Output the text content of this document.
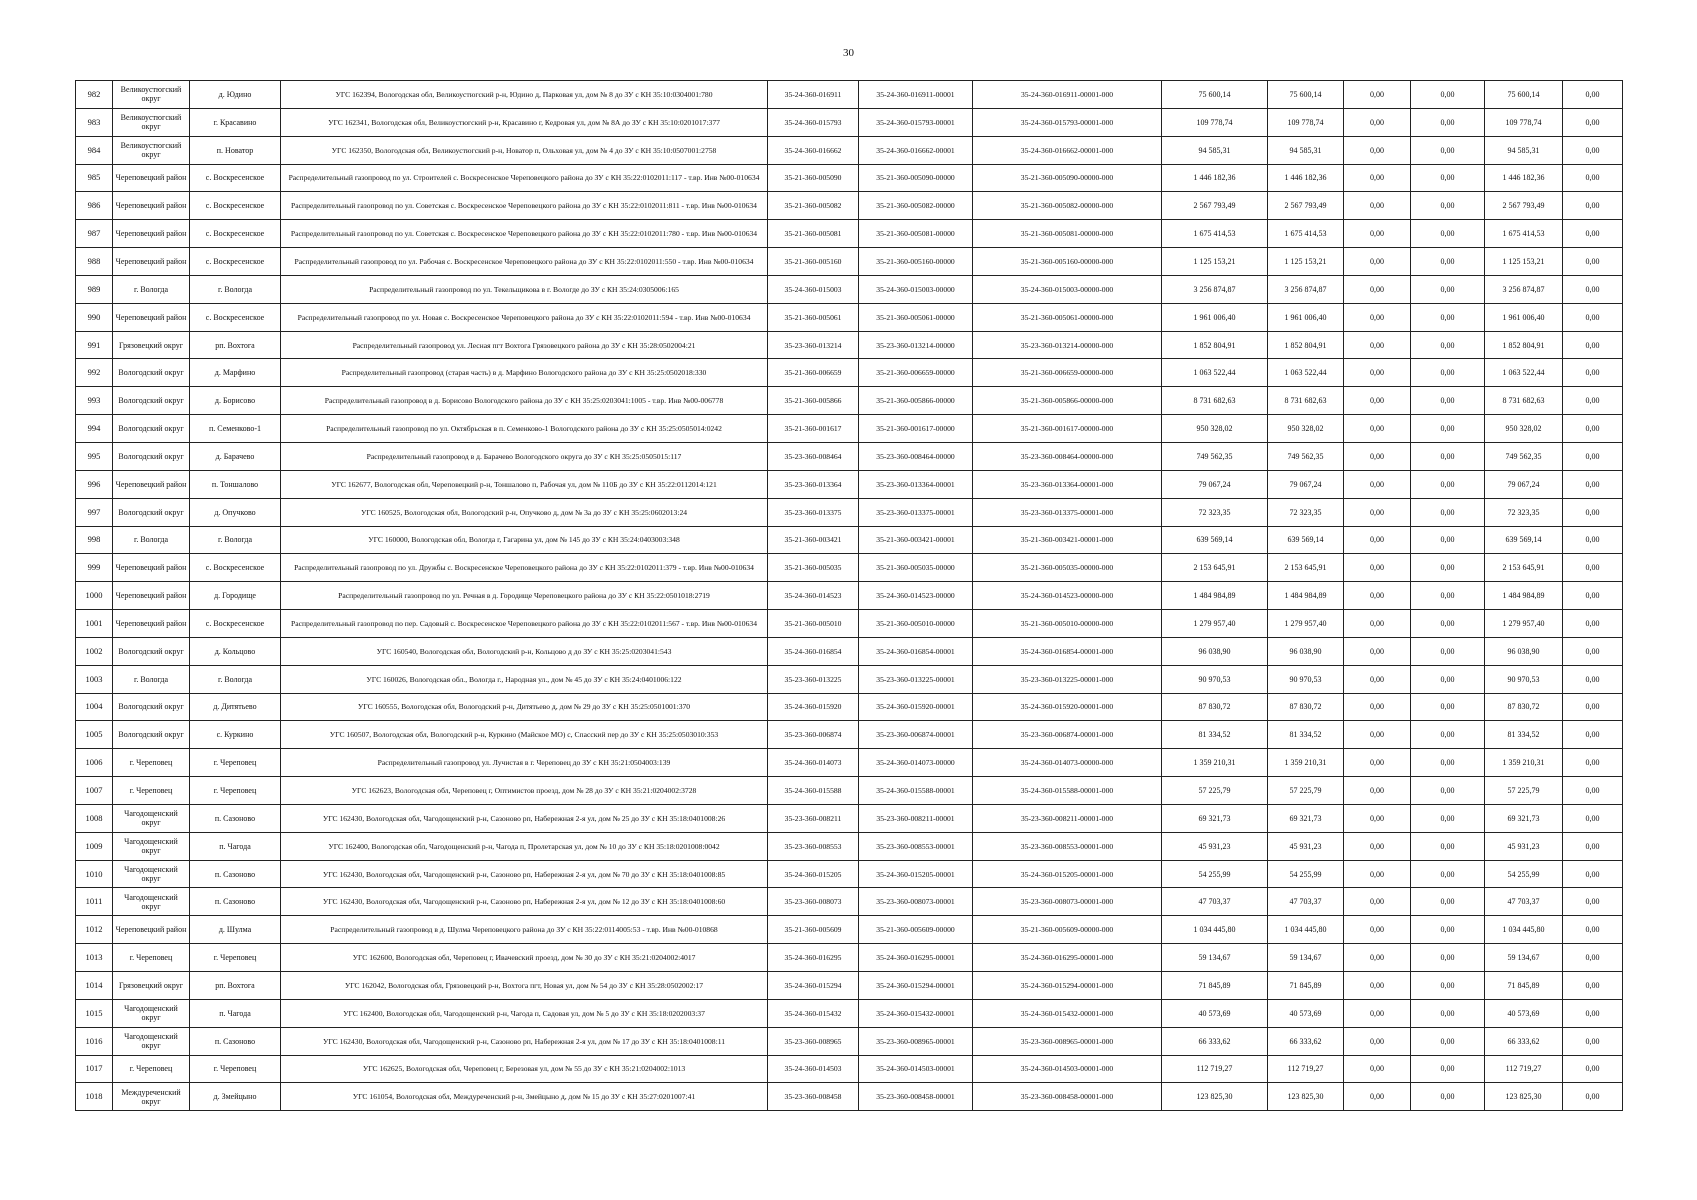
30
982	Великоустюгский округ	д. Юдино	УГС 162394, Вологодская обл, Великоустюгский р-н, Юдино д, Парковая ул, дом № 8 до ЗУ с КН 35:10:0304001:780	35-24-360-016911	35-24-360-016911-00001	35-24-360-016911-00001-000	75 600,14	75 600,14	0,00	0,00	75 600,14	0,00
983	Великоустюгский округ	г. Красавино	УГС 162341, Вологодская обл, Великоустюгский р-н, Красавино г, Кедровая ул, дом № 8А до ЗУ с КН 35:10:0201017:377	35-24-360-015793	35-24-360-015793-00001	35-24-360-015793-00001-000	109 778,74	109 778,74	0,00	0,00	109 778,74	0,00
984	Великоустюгский округ	п. Новатор	УГС 162350, Вологодская обл, Великоустюгский р-н, Новатор п, Ольховая ул, дом № 4 до ЗУ с КН 35:10:0507001:2758	35-24-360-016662	35-24-360-016662-00001	35-24-360-016662-00001-000	94 585,31	94 585,31	0,00	0,00	94 585,31	0,00
985	Череповецкий район	с. Воскресенское	Распределительный газопровод по ул. Строителей с. Воскресенское Череповецкого района до ЗУ с КН 35:22:0102011:117 - т.вр. Инв №00-010634	35-21-360-005090	35-21-360-005090-00000	35-21-360-005090-00000-000	1 446 182,36	1 446 182,36	0,00	0,00	1 446 182,36	0,00
986	Череповецкий район	с. Воскресенское	Распределительный газопровод по ул. Советская с. Воскресенское Череповецкого района до ЗУ с КН 35:22:0102011:811 - т.вр. Инв №00-010634	35-21-360-005082	35-21-360-005082-00000	35-21-360-005082-00000-000	2 567 793,49	2 567 793,49	0,00	0,00	2 567 793,49	0,00
987	Череповецкий район	с. Воскресенское	Распределительный газопровод по ул. Советская с. Воскресенское Череповецкого района до ЗУ с КН 35:22:0102011:780 - т.вр. Инв №00-010634	35-21-360-005081	35-21-360-005081-00000	35-21-360-005081-00000-000	1 675 414,53	1 675 414,53	0,00	0,00	1 675 414,53	0,00
988	Череповецкий район	с. Воскресенское	Распределительный газопровод по ул. Рабочая с. Воскресенское Череповецкого района до ЗУ с КН 35:22:0102011:550 - т.вр. Инв №00-010634	35-21-360-005160	35-21-360-005160-00000	35-21-360-005160-00000-000	1 125 153,21	1 125 153,21	0,00	0,00	1 125 153,21	0,00
989	г. Вологда	г. Вологда	Распределительный газопровод по ул. Текельщикова в г. Вологде до ЗУ с КН 35:24:0305006:165	35-24-360-015003	35-24-360-015003-00000	35-24-360-015003-00000-000	3 256 874,87	3 256 874,87	0,00	0,00	3 256 874,87	0,00
990	Череповецкий район	с. Воскресенское	Распределительный газопровод по ул. Новая с. Воскресенское Череповецкого района до ЗУ с КН 35:22:0102011:594 - т.вр. Инв №00-010634	35-21-360-005061	35-21-360-005061-00000	35-21-360-005061-00000-000	1 961 006,40	1 961 006,40	0,00	0,00	1 961 006,40	0,00
991	Грязовецкий округ	рп. Вохтога	Распределительный газопровод ул. Лесная пгт Вохтога Грязовецкого района до ЗУ с КН 35:28:0502004:21	35-23-360-013214	35-23-360-013214-00000	35-23-360-013214-00000-000	1 852 804,91	1 852 804,91	0,00	0,00	1 852 804,91	0,00
992	Вологодский округ	д. Марфино	Распределительный газопровод (старая часть) в д. Марфино Вологодского района до ЗУ с КН 35:25:0502018:330	35-21-360-006659	35-21-360-006659-00000	35-21-360-006659-00000-000	1 063 522,44	1 063 522,44	0,00	0,00	1 063 522,44	0,00
993	Вологодский округ	д. Борисово	Распределительный газопровод в д. Борисово Вологодского района до ЗУ с КН 35:25:0203041:1005 - т.вр. Инв №00-006778	35-21-360-005866	35-21-360-005866-00000	35-21-360-005866-00000-000	8 731 682,63	8 731 682,63	0,00	0,00	8 731 682,63	0,00
994	Вологодский округ	п. Семенково-1	Распределительный газопровод по ул. Октябрьская в п. Семенково-1 Вологодского района до ЗУ с КН 35:25:0505014:0242	35-21-360-001617	35-21-360-001617-00000	35-21-360-001617-00000-000	950 328,02	950 328,02	0,00	0,00	950 328,02	0,00
995	Вологодский округ	д. Барачево	Распределительный газопровод в д. Барачево Вологодского округа до ЗУ с КН 35:25:0505015:117	35-23-360-008464	35-23-360-008464-00000	35-23-360-008464-00000-000	749 562,35	749 562,35	0,00	0,00	749 562,35	0,00
996	Череповецкий район	п. Тоншалово	УГС 162677, Вологодская обл, Череповецкий р-н, Тоншалово п, Рабочая ул, дом № 110Б до ЗУ с КН 35:22:0112014:121	35-23-360-013364	35-23-360-013364-00001	35-23-360-013364-00001-000	79 067,24	79 067,24	0,00	0,00	79 067,24	0,00
997	Вологодский округ	д. Опучково	УГС 160525, Вологодская обл, Вологодский р-н, Опучково д, дом № 3а до ЗУ с КН 35:25:0602013:24	35-23-360-013375	35-23-360-013375-00001	35-23-360-013375-00001-000	72 323,35	72 323,35	0,00	0,00	72 323,35	0,00
998	г. Вологда	г. Вологда	УГС 160000, Вологодская обл, Вологда г, Гагарина ул, дом № 145 до ЗУ с КН 35:24:0403003:348	35-21-360-003421	35-21-360-003421-00001	35-21-360-003421-00001-000	639 569,14	639 569,14	0,00	0,00	639 569,14	0,00
999	Череповецкий район	с. Воскресенское	Распределительный газопровод по ул. Дружбы с. Воскресенское Череповецкого района до ЗУ с КН 35:22:0102011:379 - т.вр. Инв №00-010634	35-21-360-005035	35-21-360-005035-00000	35-21-360-005035-00000-000	2 153 645,91	2 153 645,91	0,00	0,00	2 153 645,91	0,00
1000	Череповецкий район	д. Городище	Распределительный газопровод по ул. Речная в д. Городище Череповецкого района до ЗУ с КН 35:22:0501018:2719	35-24-360-014523	35-24-360-014523-00000	35-24-360-014523-00000-000	1 484 984,89	1 484 984,89	0,00	0,00	1 484 984,89	0,00
1001	Череповецкий район	с. Воскресенское	Распределительный газопровод по пер. Садовый с. Воскресенское Череповецкого района до ЗУ с КН 35:22:0102011:567 - т.вр. Инв №00-010634	35-21-360-005010	35-21-360-005010-00000	35-21-360-005010-00000-000	1 279 957,40	1 279 957,40	0,00	0,00	1 279 957,40	0,00
1002	Вологодский округ	д. Кольцово	УГС 160540, Вологодская обл, Вологодский р-н, Кольцово д до ЗУ с КН 35:25:0203041:543	35-24-360-016854	35-24-360-016854-00001	35-24-360-016854-00001-000	96 038,90	96 038,90	0,00	0,00	96 038,90	0,00
1003	г. Вологда	г. Вологда	УГС 160026, Вологодская обл., Вологда г., Народная ул., дом № 45 до ЗУ с КН 35:24:0401006:122	35-23-360-013225	35-23-360-013225-00001	35-23-360-013225-00001-000	90 970,53	90 970,53	0,00	0,00	90 970,53	0,00
1004	Вологодский округ	д. Дитятьево	УГС 160555, Вологодская обл, Вологодский р-н, Дитятьево д, дом № 29 до ЗУ с КН 35:25:0501001:370	35-24-360-015920	35-24-360-015920-00001	35-24-360-015920-00001-000	87 830,72	87 830,72	0,00	0,00	87 830,72	0,00
1005	Вологодский округ	с. Куркино	УГС 160507, Вологодская обл, Вологодский р-н, Куркино (Майское МО) с, Спасский пер до ЗУ с КН 35:25:0503010:353	35-23-360-006874	35-23-360-006874-00001	35-23-360-006874-00001-000	81 334,52	81 334,52	0,00	0,00	81 334,52	0,00
1006	г. Череповец	г. Череповец	Распределительный газопровод ул. Лучистая в г. Череповец до ЗУ с КН 35:21:0504003:139	35-24-360-014073	35-24-360-014073-00000	35-24-360-014073-00000-000	1 359 210,31	1 359 210,31	0,00	0,00	1 359 210,31	0,00
1007	г. Череповец	г. Череповец	УГС 162623, Вологодская обл, Череповец г, Оптимистов проезд, дом № 28 до ЗУ с КН 35:21:0204002:3728	35-24-360-015588	35-24-360-015588-00001	35-24-360-015588-00001-000	57 225,79	57 225,79	0,00	0,00	57 225,79	0,00
1008	Чагодощенский округ	п. Сазоново	УГС 162430, Вологодская обл, Чагодощенский р-н, Сазоново рп, Набережная 2-я ул, дом № 25 до ЗУ с КН 35:18:0401008:26	35-23-360-008211	35-23-360-008211-00001	35-23-360-008211-00001-000	69 321,73	69 321,73	0,00	0,00	69 321,73	0,00
1009	Чагодощенский округ	п. Чагода	УГС 162400, Вологодская обл, Чагодощенский р-н, Чагода п, Пролетарская ул, дом № 10 до ЗУ с КН 35:18:0201008:0042	35-23-360-008553	35-23-360-008553-00001	35-23-360-008553-00001-000	45 931,23	45 931,23	0,00	0,00	45 931,23	0,00
1010	Чагодощенский округ	п. Сазоново	УГС 162430, Вологодская обл, Чагодощенский р-н, Сазоново рп, Набережная 2-я ул, дом № 70 до ЗУ с КН 35:18:0401008:85	35-24-360-015205	35-24-360-015205-00001	35-24-360-015205-00001-000	54 255,99	54 255,99	0,00	0,00	54 255,99	0,00
1011	Чагодощенский округ	п. Сазоново	УГС 162430, Вологодская обл, Чагодощенский р-н, Сазоново рп, Набережная 2-я ул, дом № 12 до ЗУ с КН 35:18:0401008:60	35-23-360-008073	35-23-360-008073-00001	35-23-360-008073-00001-000	47 703,37	47 703,37	0,00	0,00	47 703,37	0,00
1012	Череповецкий район	д. Шулма	Распределительный газопровод в д. Шулма Череповецкого района до ЗУ с КН 35:22:0114005:53 - т.вр. Инв №00-010868	35-21-360-005609	35-21-360-005609-00000	35-21-360-005609-00000-000	1 034 445,80	1 034 445,80	0,00	0,00	1 034 445,80	0,00
1013	г. Череповец	г. Череповец	УГС 162600, Вологодская обл, Череповец г, Ивачевский проезд, дом № 30 до ЗУ с КН 35:21:0204002:4017	35-24-360-016295	35-24-360-016295-00001	35-24-360-016295-00001-000	59 134,67	59 134,67	0,00	0,00	59 134,67	0,00
1014	Грязовецкий округ	рп. Вохтога	УГС 162042, Вологодская обл, Грязовецкий р-н, Вохтога пгт, Новая ул, дом № 54 до ЗУ с КН 35:28:0502002:17	35-24-360-015294	35-24-360-015294-00001	35-24-360-015294-00001-000	71 845,89	71 845,89	0,00	0,00	71 845,89	0,00
1015	Чагодощенский округ	п. Чагода	УГС 162400, Вологодская обл, Чагодощенский р-н, Чагода п, Садовая ул, дом № 5 до ЗУ с КН 35:18:0202003:37	35-24-360-015432	35-24-360-015432-00001	35-24-360-015432-00001-000	40 573,69	40 573,69	0,00	0,00	40 573,69	0,00
1016	Чагодощенский округ	п. Сазоново	УГС 162430, Вологодская обл, Чагодощенский р-н, Сазоново рп, Набережная 2-я ул, дом № 17 до ЗУ с КН 35:18:0401008:11	35-23-360-008965	35-23-360-008965-00001	35-23-360-008965-00001-000	66 333,62	66 333,62	0,00	0,00	66 333,62	0,00
1017	г. Череповец	г. Череповец	УГС 162625, Вологодская обл, Череповец г, Березовая ул, дом № 55 до ЗУ с КН 35:21:0204002:1013	35-24-360-014503	35-24-360-014503-00001	35-24-360-014503-00001-000	112 719,27	112 719,27	0,00	0,00	112 719,27	0,00
1018	Междуреченский округ	д. Змейцыно	УГС 161054, Вологодская обл, Междуреченский р-н, Змейцыно д, дом № 15 до ЗУ с КН 35:27:0201007:41	35-23-360-008458	35-23-360-008458-00001	35-23-360-008458-00001-000	123 825,30	123 825,30	0,00	0,00	123 825,30	0,00
